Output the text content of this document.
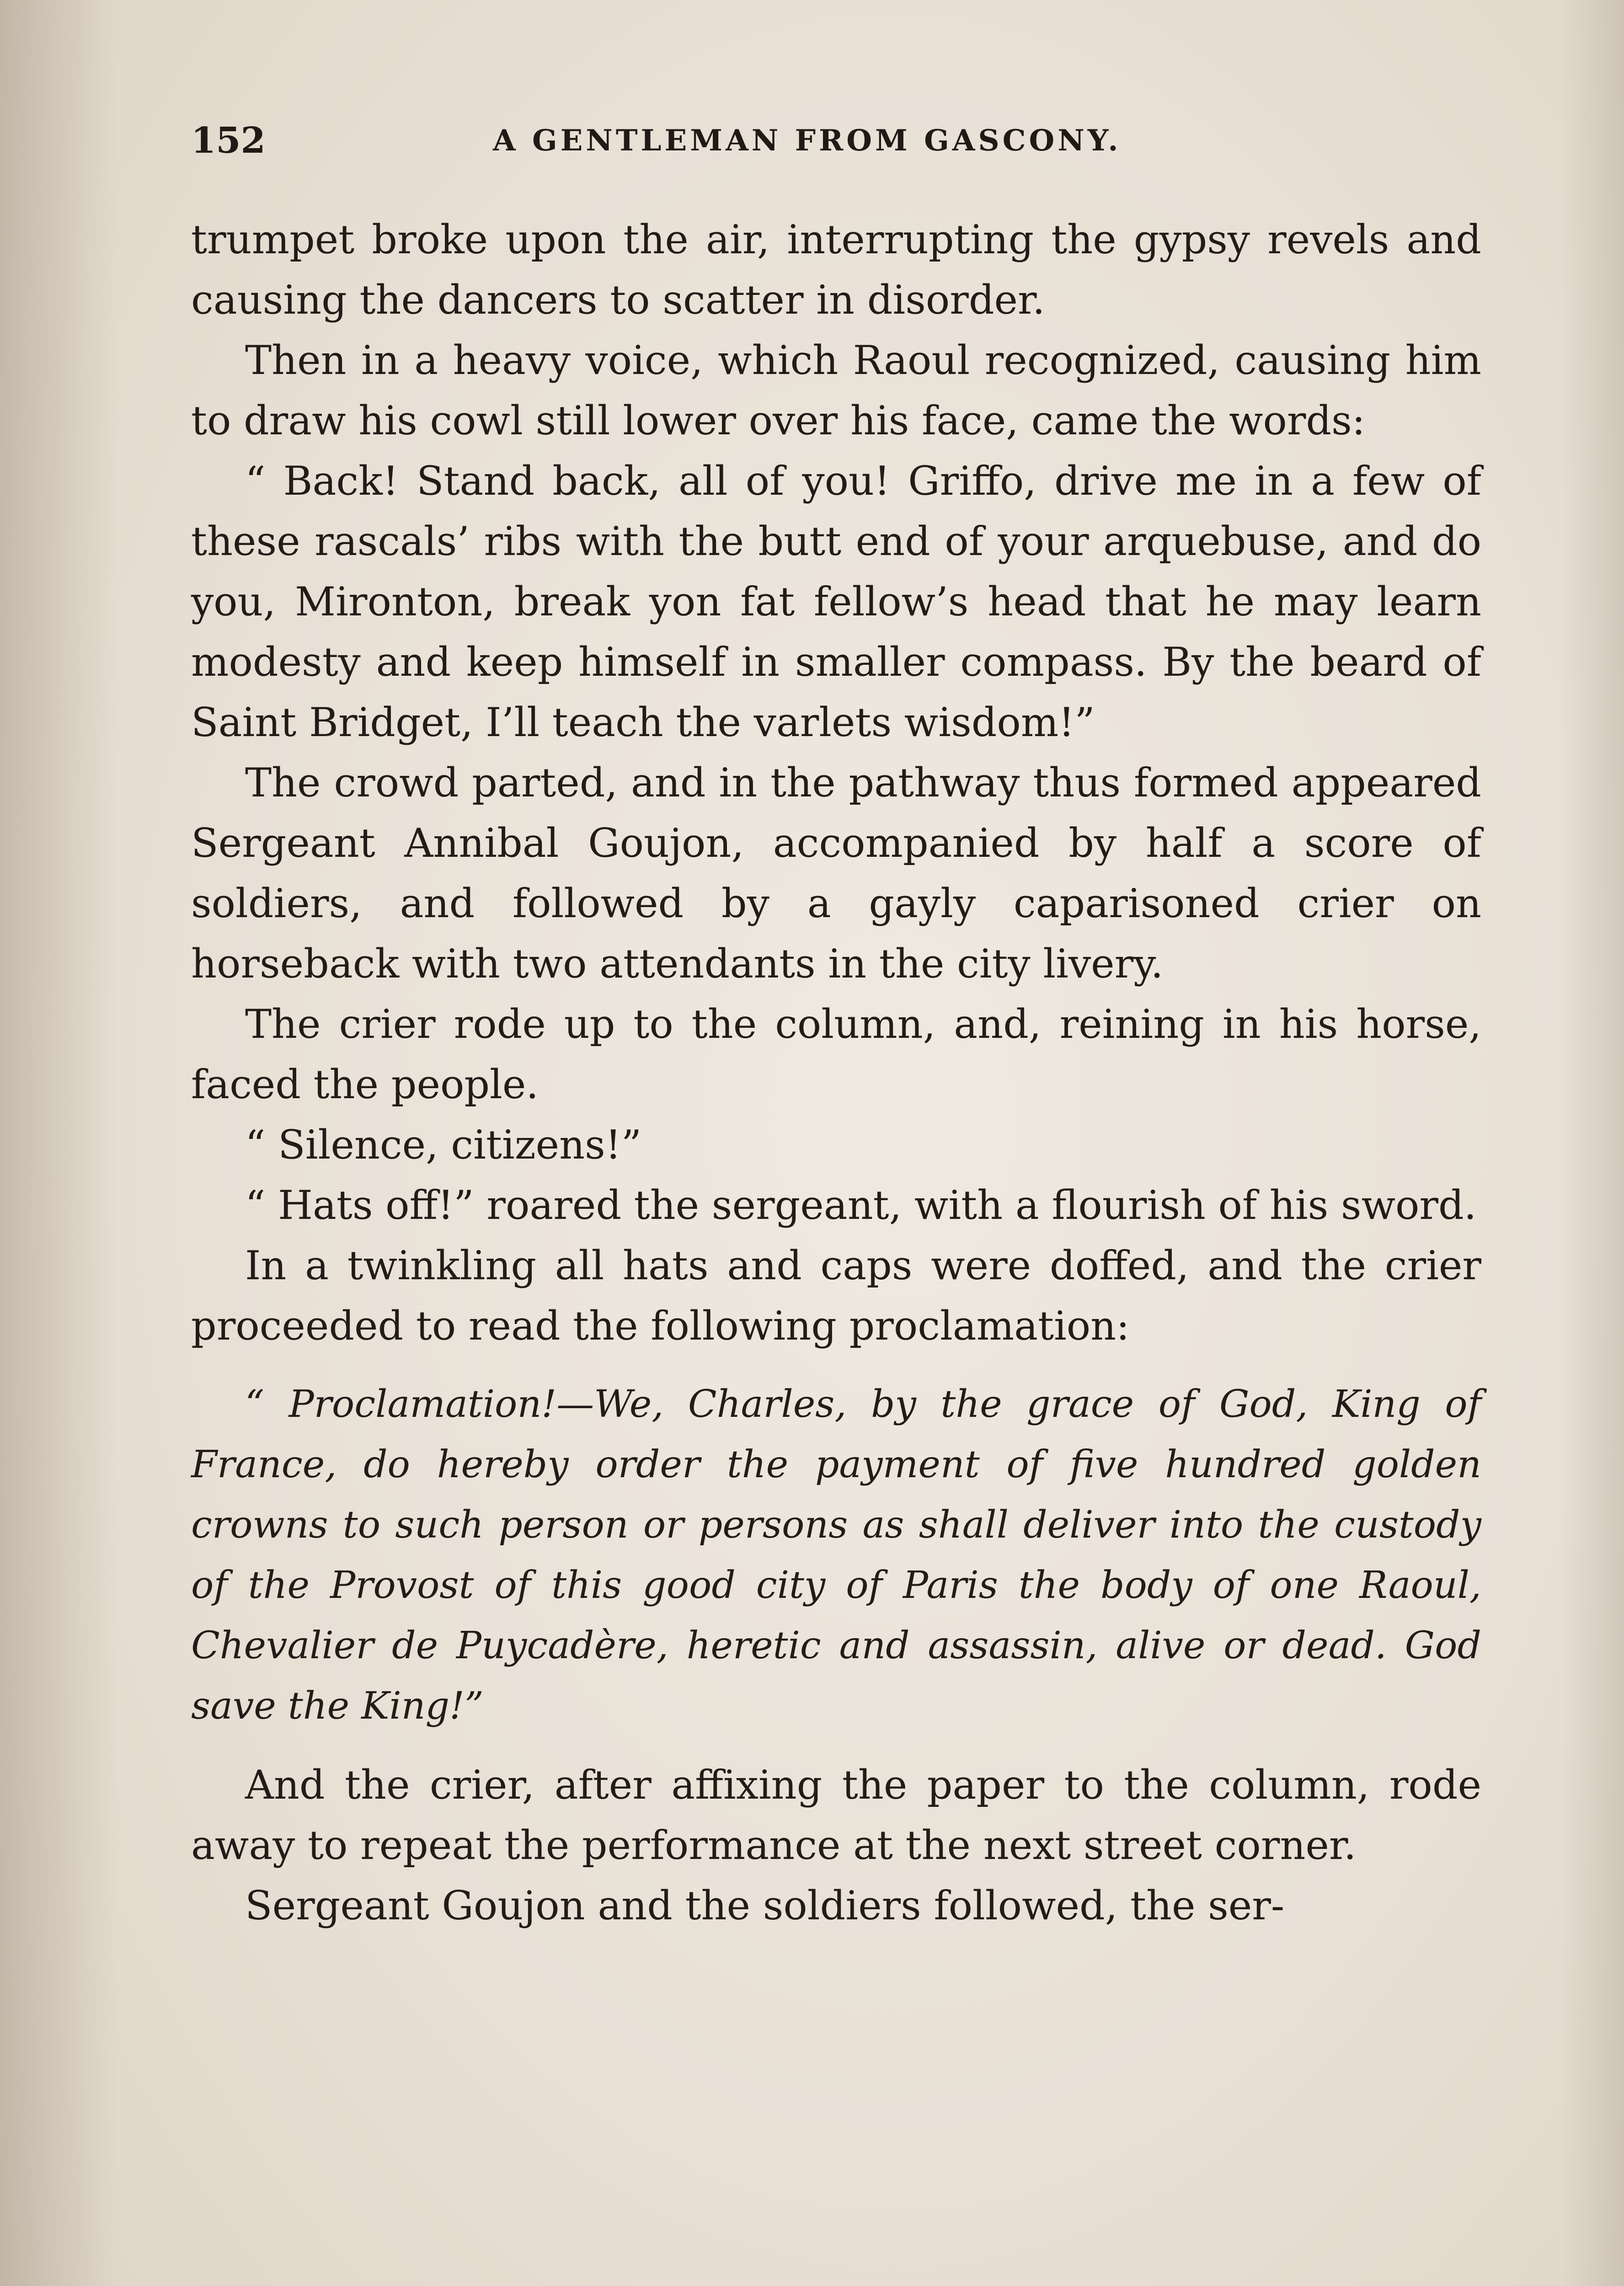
152	A GENTLEMAN FROM GASCONY.

trumpet broke upon the air, interrupting the gypsy revels and causing the dancers to scatter in disorder.

Then in a heavy voice, which Raoul recognized, causing him to draw his cowl still lower over his face, came the words:

“ Back! Stand back, all of you! Griffo, drive me in a few of these rascals’ ribs with the butt end of your arquebuse, and do you, Mironton, break yon fat fellow’s head that he may learn modesty and keep himself in smaller compass. By the beard of Saint Bridget, I’ll teach the varlets wisdom!”

The crowd parted, and in the pathway thus formed appeared Sergeant Annibal Goujon, accompanied by half a score of soldiers, and followed by a gayly caparisoned crier on horseback with two attendants in the city livery.

The crier rode up to the column, and, reining in his horse, faced the people.

“ Silence, citizens!”

“ Hats off!” roared the sergeant, with a flourish of his sword.

In a twinkling all hats and caps were doffed, and the crier proceeded to read the following proclamation:

“ Proclamation!—We, Charles, by the grace of God, King of France, do hereby order the payment of five hundred golden crowns to such person or persons as shall deliver into the custody of the Provost of this good city of Paris the body of one Raoul, Chevalier de Puycadère, heretic and assassin, alive or dead. God save the King!”

And the crier, after affixing the paper to the column, rode away to repeat the performance at the next street corner.

Sergeant Goujon and the soldiers followed, the ser-
